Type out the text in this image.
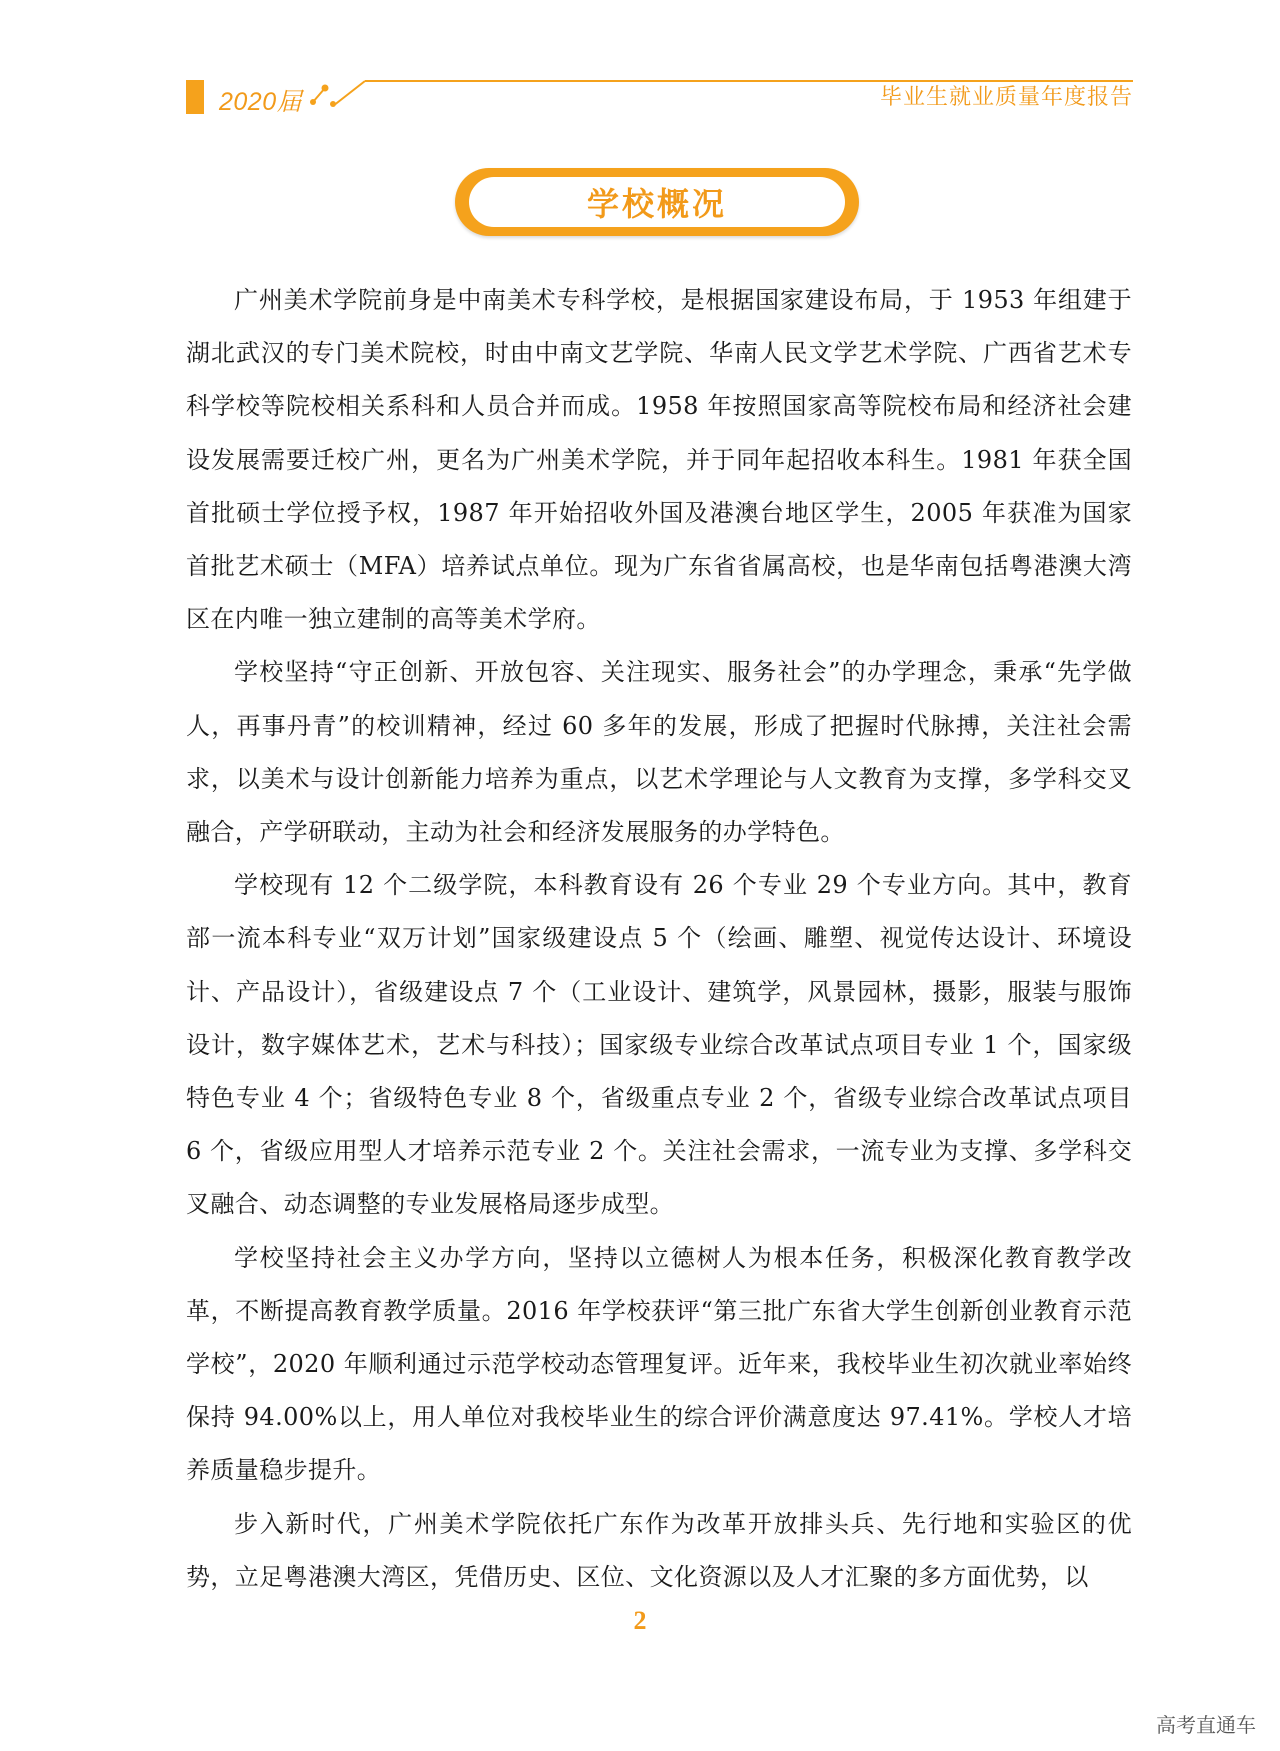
2020届	毕业生就业质量年度报告
学校概况

广州美术学院前身是中南美术专科学校，是根据国家建设布局，于 1953 年组建于湖北武汉的专门美术院校，时由中南文艺学院、华南人民文学艺术学院、广西省艺术专科学校等院校相关系科和人员合并而成。1958 年按照国家高等院校布局和经济社会建设发展需要迁校广州，更名为广州美术学院，并于同年起招收本科生。1981 年获全国首批硕士学位授予权，1987 年开始招收外国及港澳台地区学生，2005 年获准为国家首批艺术硕士（MFA）培养试点单位。现为广东省省属高校，也是华南包括粤港澳大湾区在内唯一独立建制的高等美术学府。

学校坚持“守正创新、开放包容、关注现实、服务社会”的办学理念，秉承“先学做人，再事丹青”的校训精神，经过 60 多年的发展，形成了把握时代脉搏，关注社会需求，以美术与设计创新能力培养为重点，以艺术学理论与人文教育为支撑，多学科交叉融合，产学研联动，主动为社会和经济发展服务的办学特色。

学校现有 12 个二级学院，本科教育设有 26 个专业 29 个专业方向。其中，教育部一流本科专业“双万计划”国家级建设点 5 个（绘画、雕塑、视觉传达设计、环境设计、产品设计），省级建设点 7 个（工业设计、建筑学，风景园林，摄影，服装与服饰设计，数字媒体艺术，艺术与科技）；国家级专业综合改革试点项目专业 1 个，国家级特色专业 4 个；省级特色专业 8 个，省级重点专业 2 个，省级专业综合改革试点项目 6 个，省级应用型人才培养示范专业 2 个。关注社会需求，一流专业为支撑、多学科交叉融合、动态调整的专业发展格局逐步成型。

学校坚持社会主义办学方向，坚持以立德树人为根本任务，积极深化教育教学改革，不断提高教育教学质量。2016 年学校获评“第三批广东省大学生创新创业教育示范学校”，2020 年顺利通过示范学校动态管理复评。近年来，我校毕业生初次就业率始终保持 94.00%以上，用人单位对我校毕业生的综合评价满意度达 97.41%。学校人才培养质量稳步提升。

步入新时代，广州美术学院依托广东作为改革开放排头兵、先行地和实验区的优势，立足粤港澳大湾区，凭借历史、区位、文化资源以及人才汇聚的多方面优势，以

2
高考直通车
